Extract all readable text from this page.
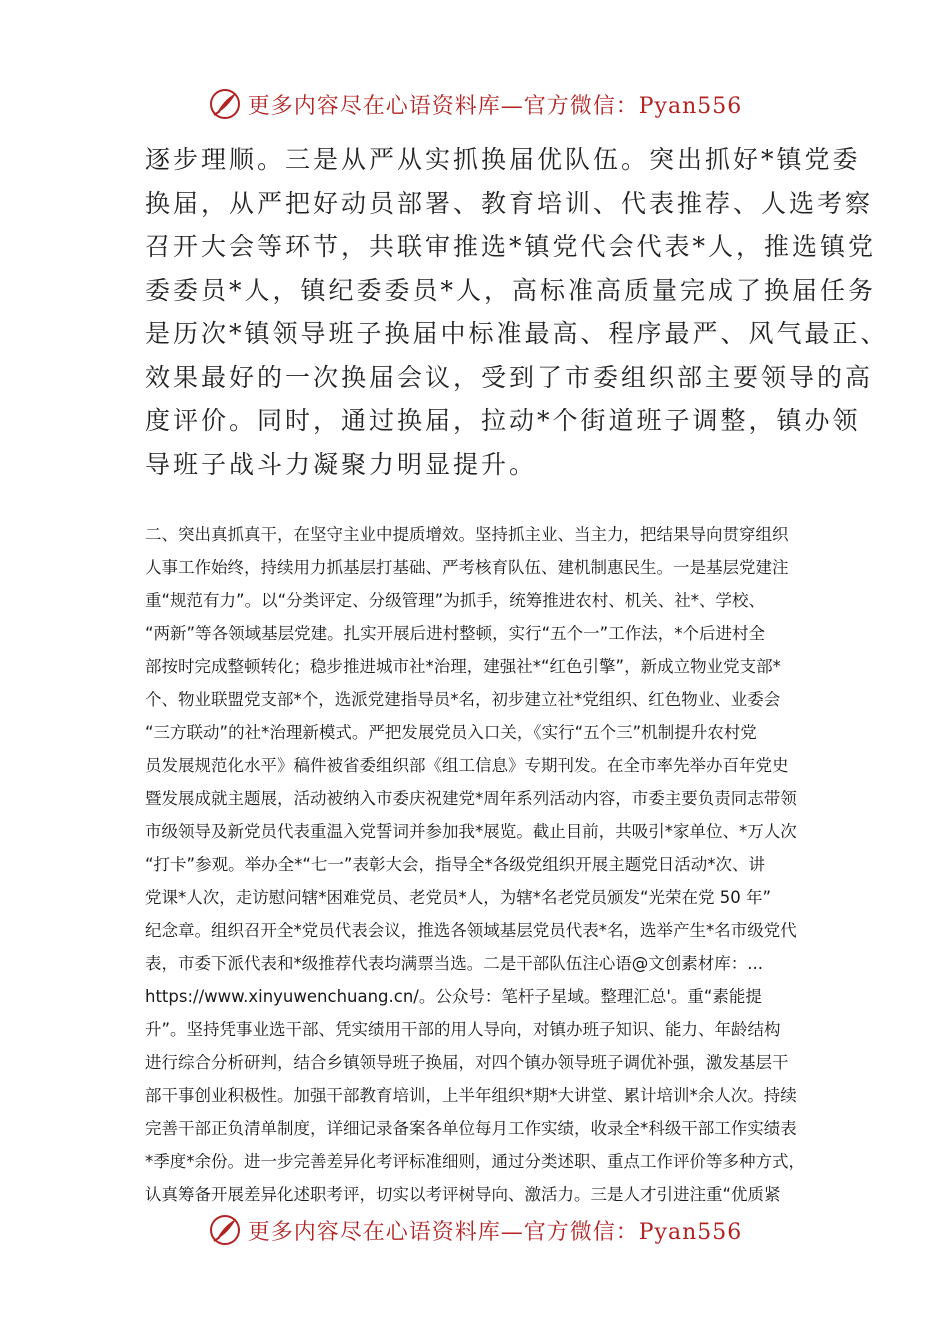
更多内容尽在心语资料库—官方微信：Pyan556
逐步理顺。三是从严从实抓换届优队伍。突出抓好*镇党委
换届，从严把好动员部署、教育培训、代表推荐、人选考察
召开大会等环节，共联审推选*镇党代会代表*人，推选镇党
委委员*人，镇纪委委员*人，高标准高质量完成了换届任务
是历次*镇领导班子换届中标准最高、程序最严、风气最正、
效果最好的一次换届会议，受到了市委组织部主要领导的高
度评价。同时，通过换届，拉动*个街道班子调整，镇办领
导班子战斗力凝聚力明显提升。
二、突出真抓真干，在坚守主业中提质增效。坚持抓主业、当主力，把结果导向贯穿组织
人事工作始终，持续用力抓基层打基础、严考核育队伍、建机制惠民生。一是基层党建注
重“规范有力”。以“分类评定、分级管理”为抓手，统筹推进农村、机关、社*、学校、
“两新”等各领域基层党建。扎实开展后进村整顿，实行“五个一”工作法，*个后进村全
部按时完成整顿转化；稳步推进城市社*治理，建强社*“红色引擎”，新成立物业党支部*
个、物业联盟党支部*个，选派党建指导员*名，初步建立社*党组织、红色物业、业委会
“三方联动”的社*治理新模式。严把发展党员入口关，《实行“五个三”机制提升农村党
员发展规范化水平》稿件被省委组织部《组工信息》专期刊发。在全市率先举办百年党史
暨发展成就主题展，活动被纳入市委庆祝建党*周年系列活动内容，市委主要负责同志带领
市级领导及新党员代表重温入党誓词并参加我*展览。截止目前，共吸引*家单位、*万人次
“打卡”参观。举办全*“七一”表彰大会，指导全*各级党组织开展主题党日活动*次、讲
党课*人次，走访慰问辖*困难党员、老党员*人，为辖*名老党员颁发“光荣在党 50 年”
纪念章。组织召开全*党员代表会议，推选各领域基层党员代表*名，选举产生*名市级党代
表，市委下派代表和*级推荐代表均满票当选。二是干部队伍注心语@文创素材库：...
https://www.xinyuwenchuang.cn/。公众号：笔杆子星域。整理汇总'。重“素能提
升”。坚持凭事业选干部、凭实绩用干部的用人导向，对镇办班子知识、能力、年龄结构
进行综合分析研判，结合乡镇领导班子换届，对四个镇办领导班子调优补强，激发基层干
部干事创业积极性。加强干部教育培训，上半年组织*期*大讲堂、累计培训*余人次。持续
完善干部正负清单制度，详细记录备案各单位每月工作实绩，收录全*科级干部工作实绩表
*季度*余份。进一步完善差异化考评标准细则，通过分类述职、重点工作评价等多种方式，
认真筹备开展差异化述职考评，切实以考评树导向、激活力。三是人才引进注重“优质紧
更多内容尽在心语资料库—官方微信：Pyan556
